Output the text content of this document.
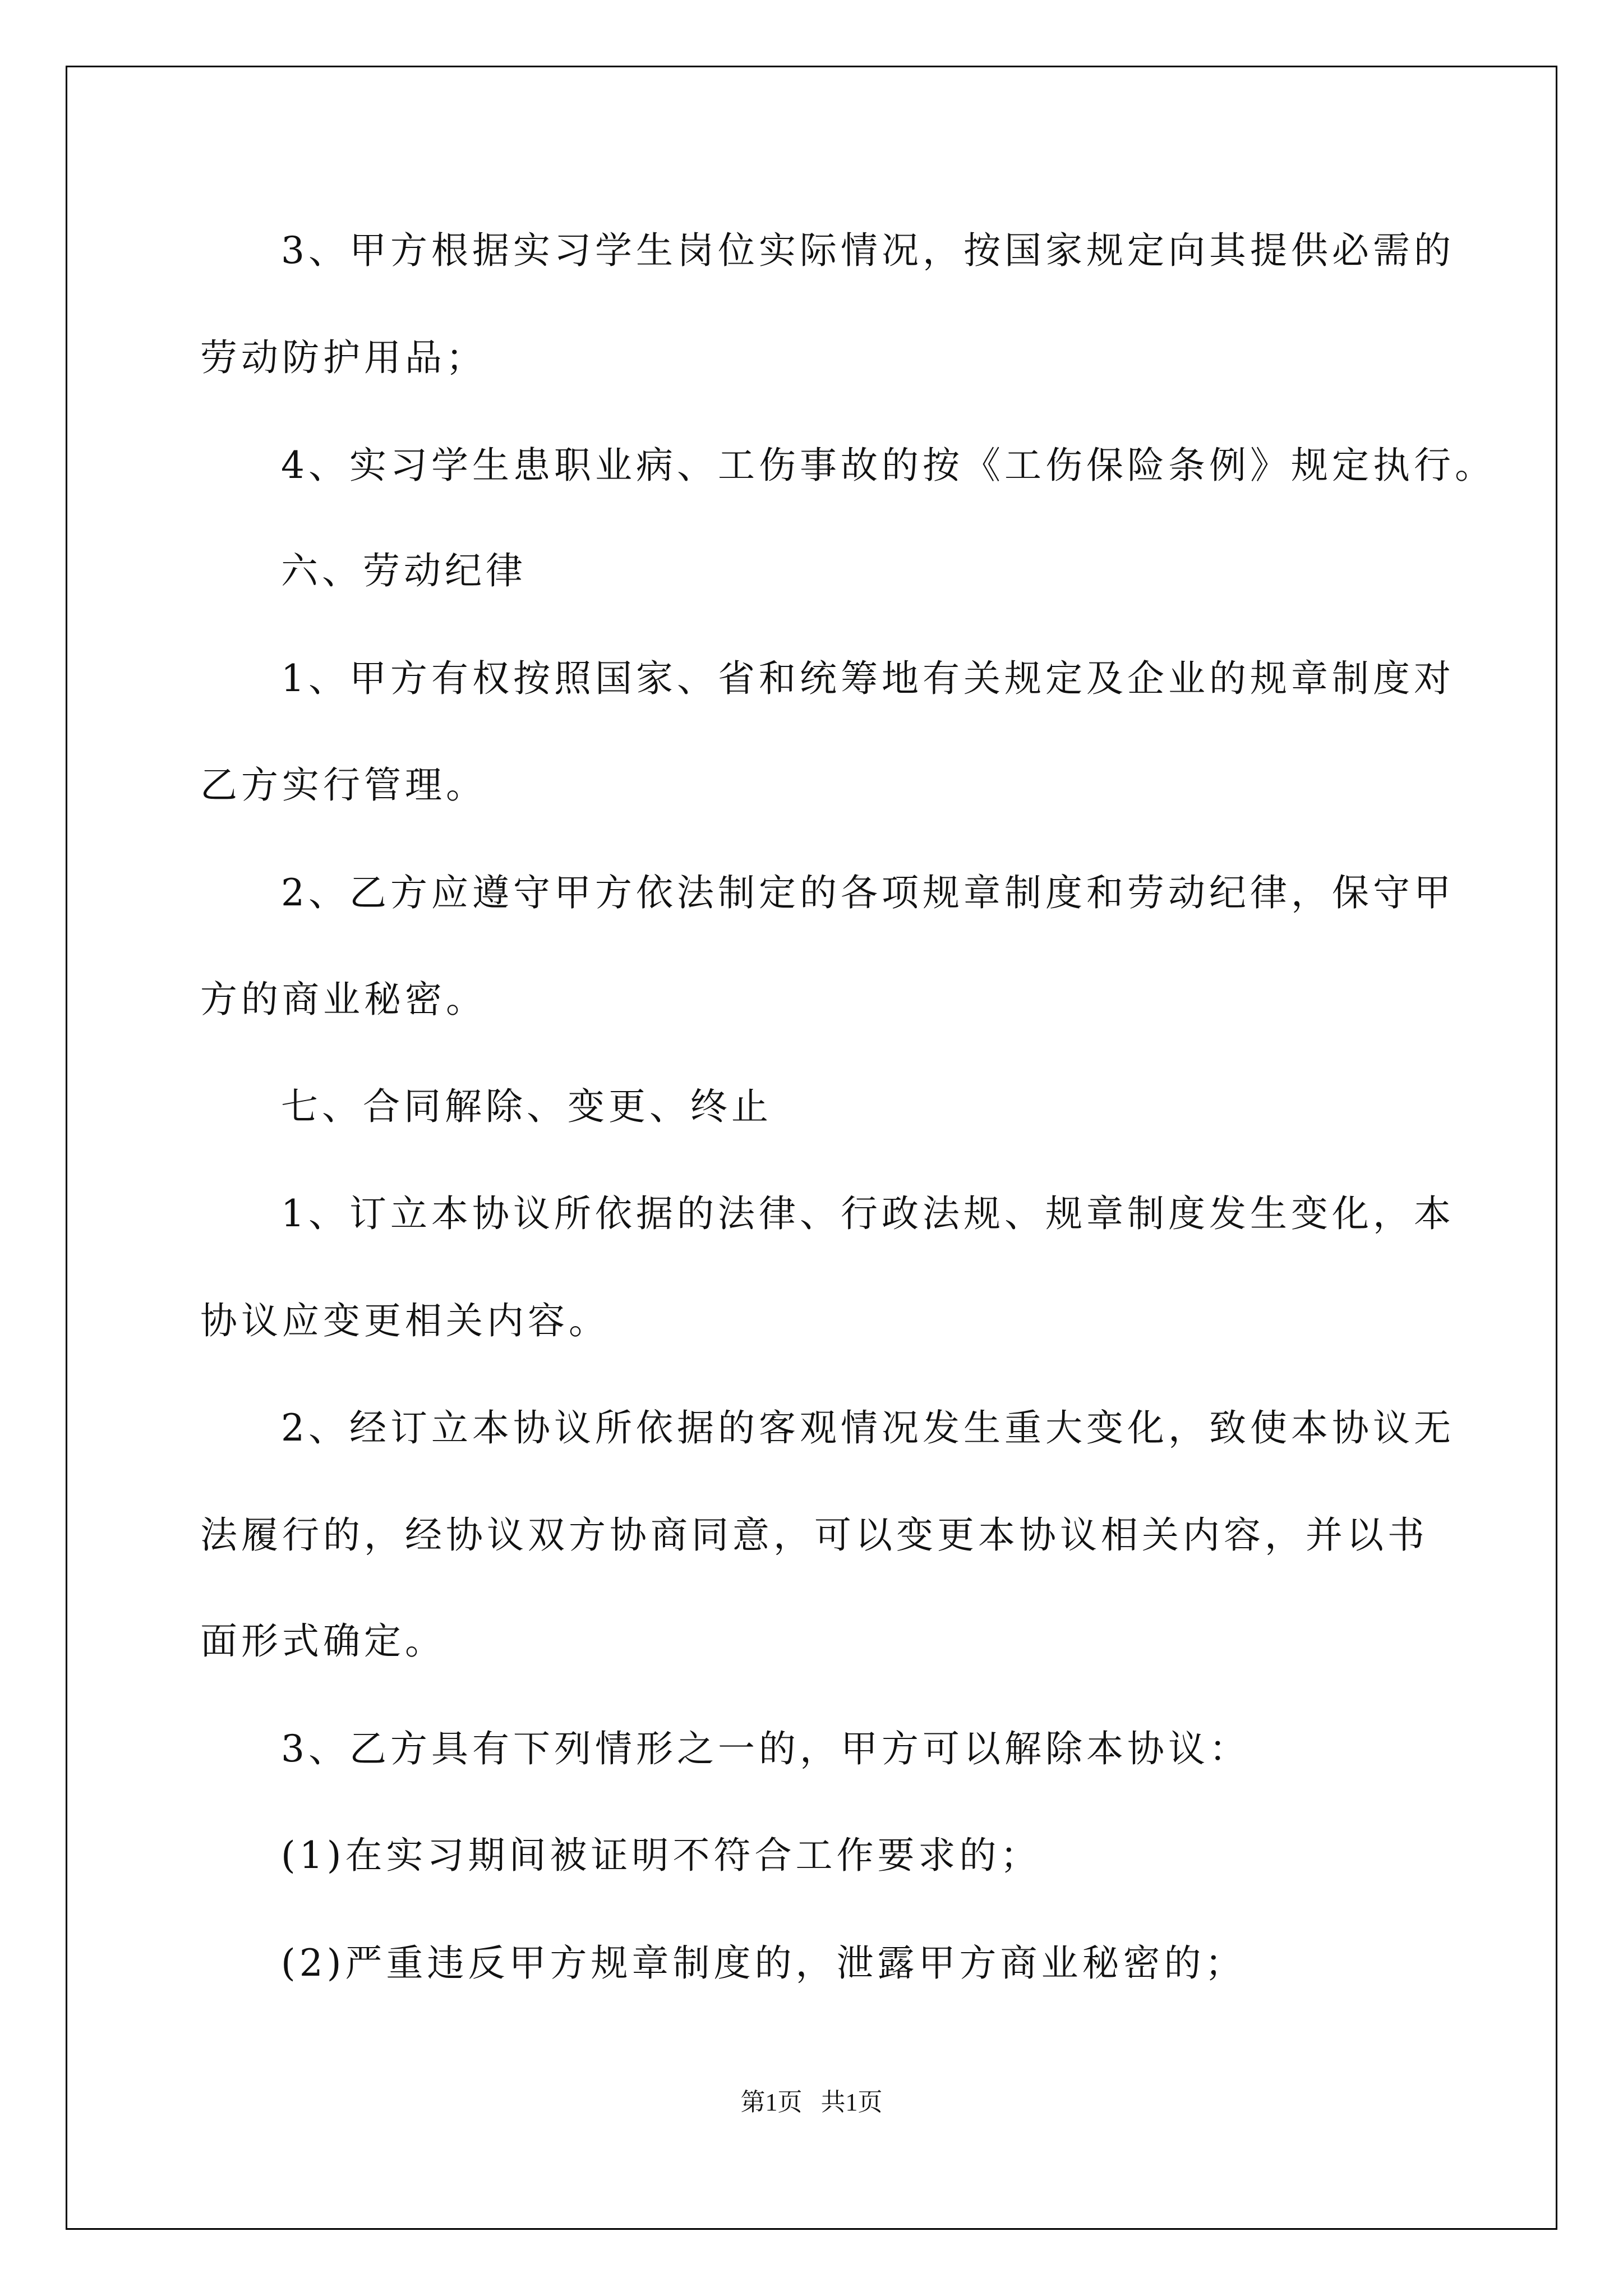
3、甲方根据实习学生岗位实际情况，按国家规定向其提供必需的

劳动防护用品；

4、实习学生患职业病、工伤事故的按《工伤保险条例》规定执行。

六、劳动纪律

1、甲方有权按照国家、省和统筹地有关规定及企业的规章制度对

乙方实行管理。

2、乙方应遵守甲方依法制定的各项规章制度和劳动纪律，保守甲

方的商业秘密。

七、合同解除、变更、终止

1、订立本协议所依据的法律、行政法规、规章制度发生变化，本

协议应变更相关内容。

2、经订立本协议所依据的客观情况发生重大变化，致使本协议无

法履行的，经协议双方协商同意，可以变更本协议相关内容，并以书

面形式确定。

3、乙方具有下列情形之一的，甲方可以解除本协议：

(1)在实习期间被证明不符合工作要求的；

(2)严重违反甲方规章制度的，泄露甲方商业秘密的；

第1页   共1页
